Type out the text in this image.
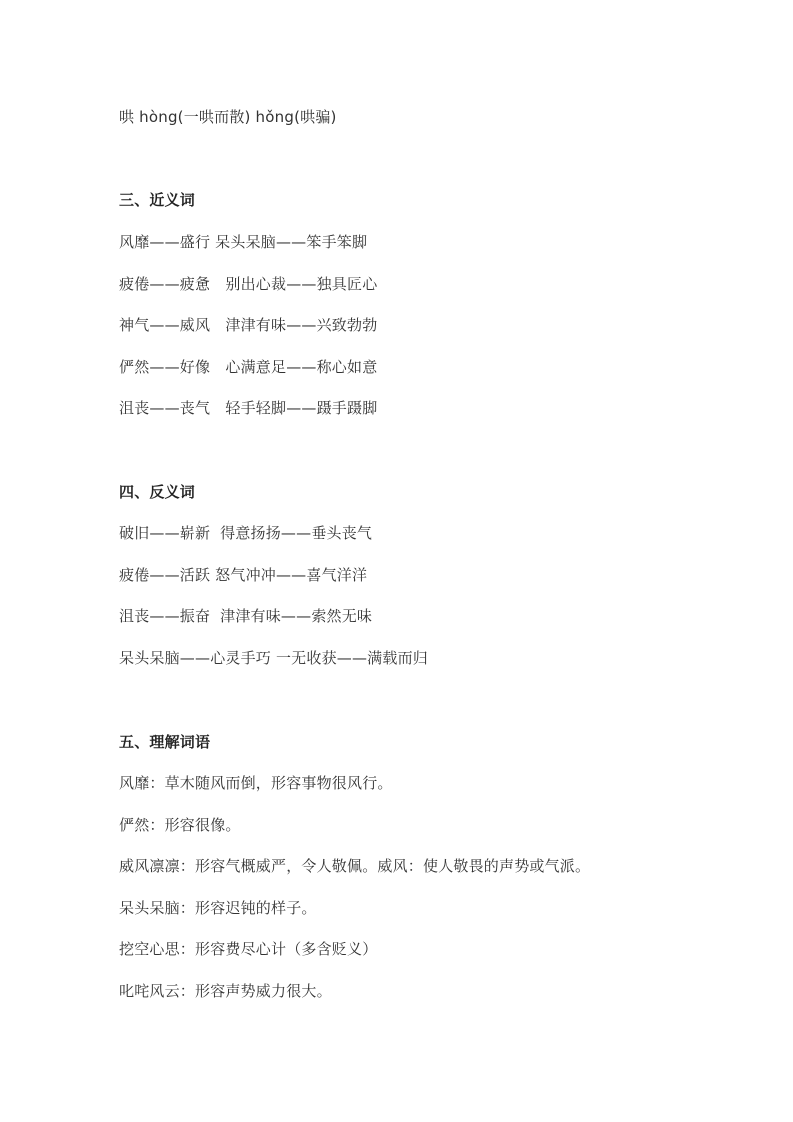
哄 hòng(一哄而散) hǒng(哄骗)
三、近义词
风靡——盛行 呆头呆脑——笨手笨脚
疲倦——疲惫　别出心裁——独具匠心
神气——威风　津津有味——兴致勃勃
俨然——好像　心满意足——称心如意
沮丧——丧气　轻手轻脚——蹑手蹑脚
四、反义词
破旧——崭新  得意扬扬——垂头丧气
疲倦——活跃 怒气冲冲——喜气洋洋
沮丧——振奋  津津有味——索然无味
呆头呆脑——心灵手巧 一无收获——满载而归
五、理解词语
风靡：草木随风而倒，形容事物很风行。
俨然：形容很像。
威风凛凛：形容气概威严，令人敬佩。威风：使人敬畏的声势或气派。
呆头呆脑：形容迟钝的样子。
挖空心思：形容费尽心计（多含贬义）
叱咤风云：形容声势威力很大。
